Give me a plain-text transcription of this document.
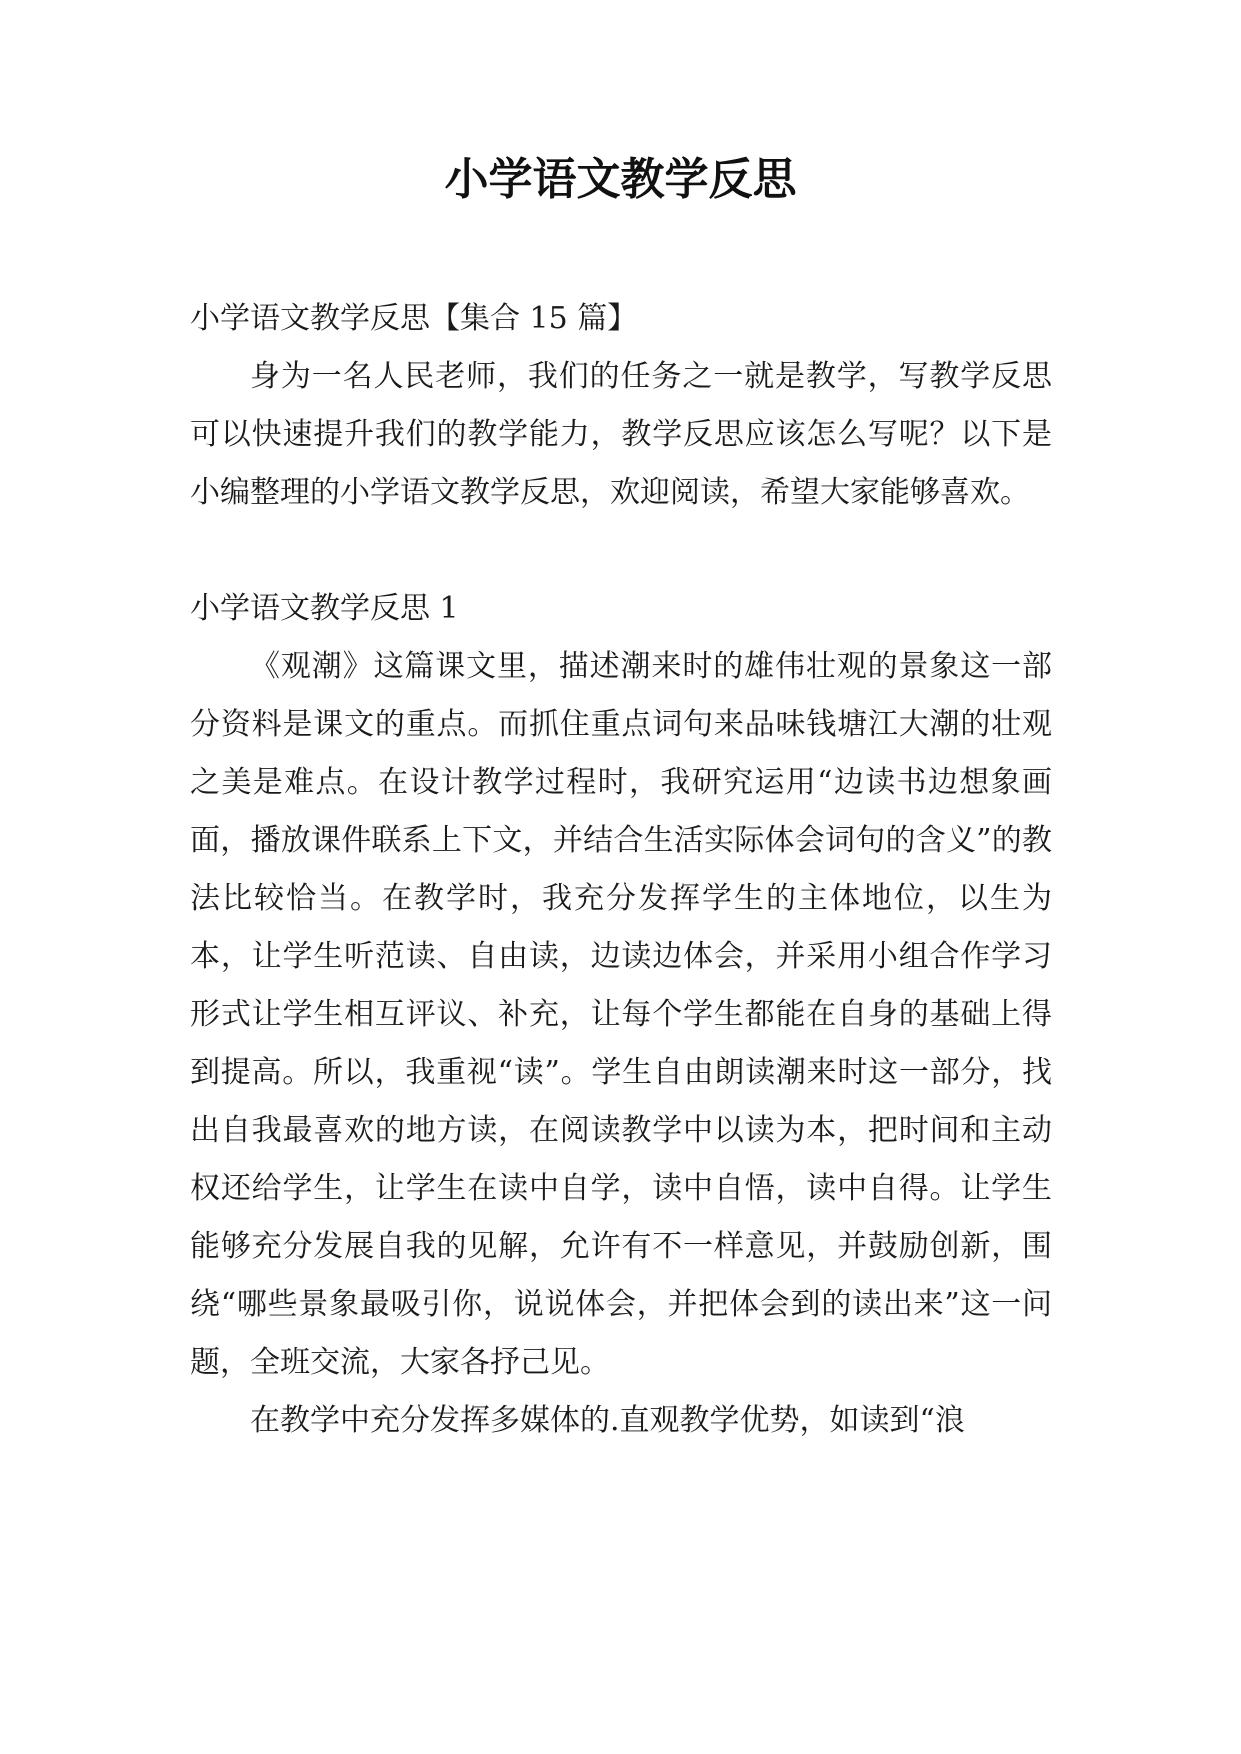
小学语文教学反思

小学语文教学反思【集合 15 篇】

身为一名人民老师，我们的任务之一就是教学，写教学反思可以快速提升我们的教学能力，教学反思应该怎么写呢？以下是小编整理的小学语文教学反思，欢迎阅读，希望大家能够喜欢。

小学语文教学反思 1

《观潮》这篇课文里，描述潮来时的雄伟壮观的景象这一部分资料是课文的重点。而抓住重点词句来品味钱塘江大潮的壮观之美是难点。在设计教学过程时，我研究运用“边读书边想象画面，播放课件联系上下文，并结合生活实际体会词句的含义”的教法比较恰当。在教学时，我充分发挥学生的主体地位，以生为本，让学生听范读、自由读，边读边体会，并采用小组合作学习形式让学生相互评议、补充，让每个学生都能在自身的基础上得到提高。所以，我重视“读”。学生自由朗读潮来时这一部分，找出自我最喜欢的地方读，在阅读教学中以读为本，把时间和主动权还给学生，让学生在读中自学，读中自悟，读中自得。让学生能够充分发展自我的见解，允许有不一样意见，并鼓励创新，围绕“哪些景象最吸引你，说说体会，并把体会到的读出来”这一问题，全班交流，大家各抒己见。

在教学中充分发挥多媒体的.直观教学优势，如读到“浪
